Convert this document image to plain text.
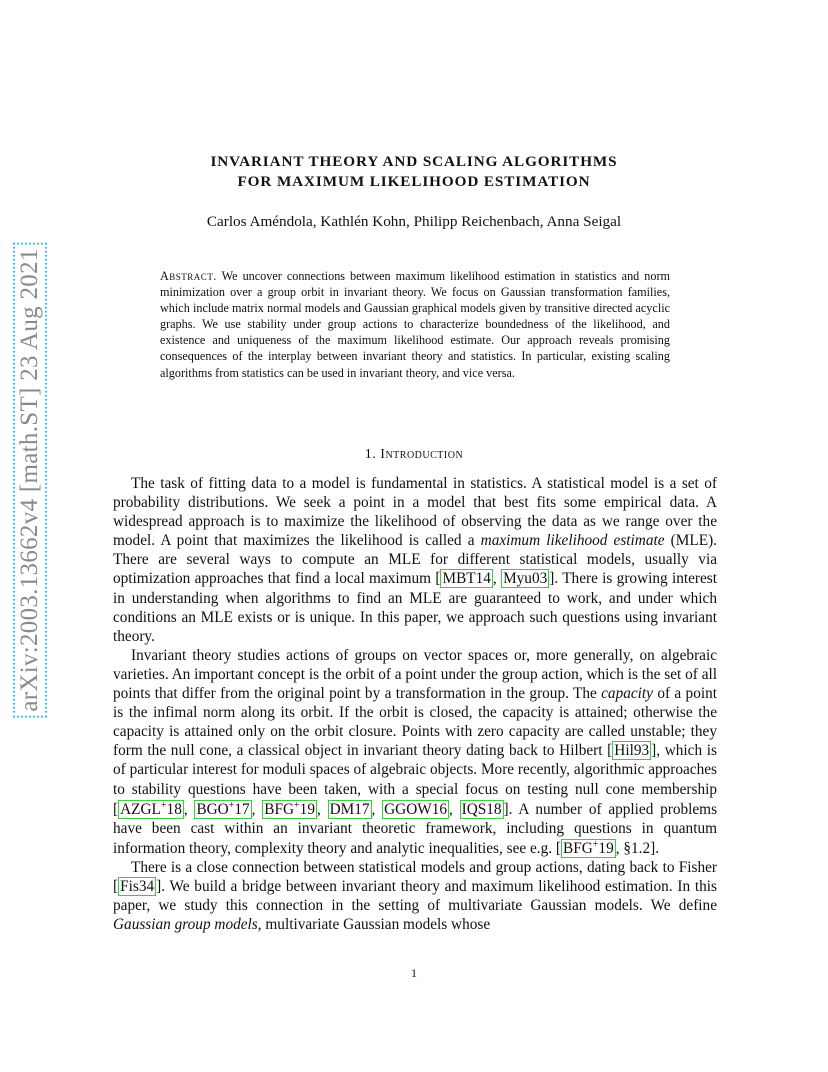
arXiv:2003.13662v4 [math.ST] 23 Aug 2021
INVARIANT THEORY AND SCALING ALGORITHMS
FOR MAXIMUM LIKELIHOOD ESTIMATION
Carlos Améndola, Kathlén Kohn, Philipp Reichenbach, Anna Seigal

Abstract. We uncover connections between maximum likelihood estimation in statistics and norm minimization over a group orbit in invariant theory. We focus on Gaussian transformation families, which include matrix normal models and Gaussian graphical models given by transitive directed acyclic graphs. We use stability under group actions to characterize boundedness of the likelihood, and existence and uniqueness of the maximum likelihood estimate. Our approach reveals promising consequences of the interplay between invariant theory and statistics. In particular, existing scaling algorithms from statistics can be used in invariant theory, and vice versa.

1. Introduction

The task of fitting data to a model is fundamental in statistics. A statistical model is a set of probability distributions. We seek a point in a model that best fits some empirical data. A widespread approach is to maximize the likelihood of observing the data as we range over the model. A point that maximizes the likelihood is called a maximum likelihood estimate (MLE). There are several ways to compute an MLE for different statistical models, usually via optimization approaches that find a local maximum [ MBT14 , Myu03 ]. There is growing interest in understanding when algorithms to find an MLE are guaranteed to work, and under which conditions an MLE exists or is unique. In this paper, we approach such questions using invariant theory.

Invariant theory studies actions of groups on vector spaces or, more generally, on algebraic varieties. An important concept is the orbit of a point under the group action, which is the set of all points that differ from the original point by a transformation in the group. The capacity of a point is the infimal norm along its orbit. If the orbit is closed, the capacity is attained; otherwise the capacity is attained only on the orbit closure. Points with zero capacity are called unstable; they form the null cone, a classical object in invariant theory dating back to Hilbert [ Hil93 ], which is of particular interest for moduli spaces of algebraic objects. More recently, algorithmic approaches to stability questions have been taken, with a special focus on testing null cone membership [ AZGL+18 , BGO+17 , BFG+19 , DM17 , GGOW16 , IQS18 ]. A number of applied problems have been cast within an invariant theoretic framework, including questions in quantum information theory, complexity theory and analytic inequalities, see e.g. [ BFG+19 , §1.2].

There is a close connection between statistical models and group actions, dating back to Fisher [ Fis34 ]. We build a bridge between invariant theory and maximum likelihood estimation. In this paper, we study this connection in the setting of multivariate Gaussian models. We define Gaussian group models, multivariate Gaussian models whose

1
